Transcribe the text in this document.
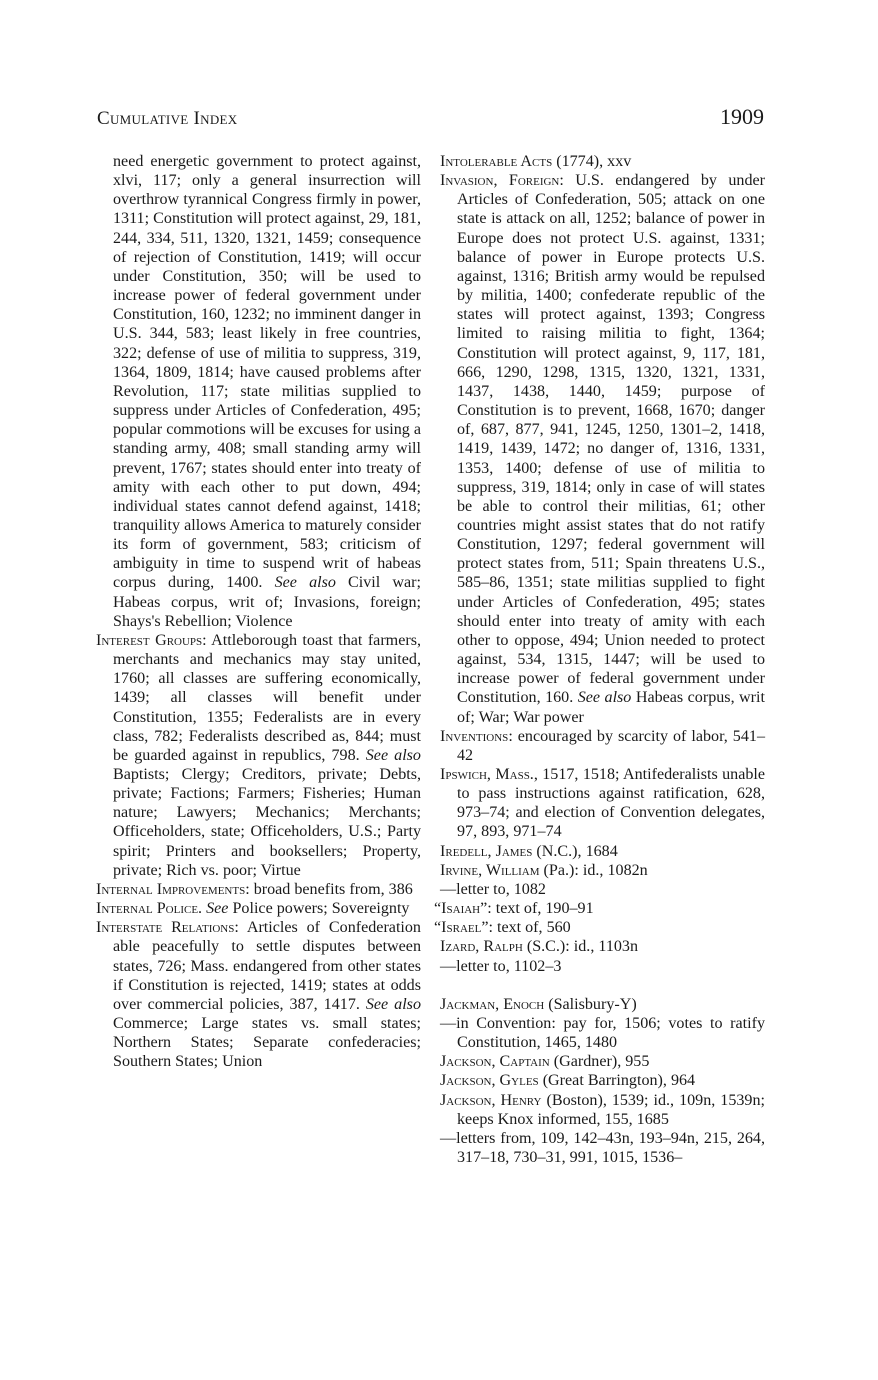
Cumulative Index	1909

need energetic government to protect against, xlvi, 117; only a general insurrection will overthrow tyrannical Congress firmly in power, 1311; Constitution will protect against, 29, 181, 244, 334, 511, 1320, 1321, 1459; consequence of rejection of Constitution, 1419; will occur under Constitution, 350; will be used to increase power of federal government under Constitution, 160, 1232; no imminent danger in U.S. 344, 583; least likely in free countries, 322; defense of use of militia to suppress, 319, 1364, 1809, 1814; have caused problems after Revolution, 117; state militias supplied to suppress under Articles of Confederation, 495; popular commotions will be excuses for using a standing army, 408; small standing army will prevent, 1767; states should enter into treaty of amity with each other to put down, 494; individual states cannot defend against, 1418; tranquility allows America to maturely consider its form of government, 583; criticism of ambiguity in time to suspend writ of habeas corpus during, 1400. See also Civil war; Habeas corpus, writ of; Invasions, foreign; Shays's Rebellion; Violence

Interest Groups: Attleborough toast that farmers, merchants and mechanics may stay united, 1760; all classes are suffering economically, 1439; all classes will benefit under Constitution, 1355; Federalists are in every class, 782; Federalists described as, 844; must be guarded against in republics, 798. See also Baptists; Clergy; Creditors, private; Debts, private; Factions; Farmers; Fisheries; Human nature; Lawyers; Mechanics; Merchants; Officeholders, state; Officeholders, U.S.; Party spirit; Printers and booksellers; Property, private; Rich vs. poor; Virtue

Internal Improvements: broad benefits from, 386

Internal Police. See Police powers; Sovereignty

Interstate Relations: Articles of Confederation able peacefully to settle disputes between states, 726; Mass. endangered from other states if Constitution is rejected, 1419; states at odds over commercial policies, 387, 1417. See also Commerce; Large states vs. small states; Northern States; Separate confederacies; Southern States; Union

Intolerable Acts (1774), xxv

Invasion, Foreign: U.S. endangered by under Articles of Confederation, 505; attack on one state is attack on all, 1252; balance of power in Europe does not protect U.S. against, 1331; balance of power in Europe protects U.S. against, 1316; British army would be repulsed by militia, 1400; confederate republic of the states will protect against, 1393; Congress limited to raising militia to fight, 1364; Constitution will protect against, 9, 117, 181, 666, 1290, 1298, 1315, 1320, 1321, 1331, 1437, 1438, 1440, 1459; purpose of Constitution is to prevent, 1668, 1670; danger of, 687, 877, 941, 1245, 1250, 1301–2, 1418, 1419, 1439, 1472; no danger of, 1316, 1331, 1353, 1400; defense of use of militia to suppress, 319, 1814; only in case of will states be able to control their militias, 61; other countries might assist states that do not ratify Constitution, 1297; federal government will protect states from, 511; Spain threatens U.S., 585–86, 1351; state militias supplied to fight under Articles of Confederation, 495; states should enter into treaty of amity with each other to oppose, 494; Union needed to protect against, 534, 1315, 1447; will be used to increase power of federal government under Constitution, 160. See also Habeas corpus, writ of; War; War power

Inventions: encouraged by scarcity of labor, 541–42

Ipswich, Mass., 1517, 1518; Antifederalists unable to pass instructions against ratification, 628, 973–74; and election of Convention delegates, 97, 893, 971–74

Iredell, James (N.C.), 1684

Irvine, William (Pa.): id., 1082n

—letter to, 1082

“Isaiah”: text of, 190–91

“Israel”: text of, 560

Izard, Ralph (S.C.): id., 1103n

—letter to, 1102–3

Jackman, Enoch (Salisbury-Y)

—in Convention: pay for, 1506; votes to ratify Constitution, 1465, 1480

Jackson, Captain (Gardner), 955

Jackson, Gyles (Great Barrington), 964

Jackson, Henry (Boston), 1539; id., 109n, 1539n; keeps Knox informed, 155, 1685

—letters from, 109, 142–43n, 193–94n, 215, 264, 317–18, 730–31, 991, 1015, 1536–
